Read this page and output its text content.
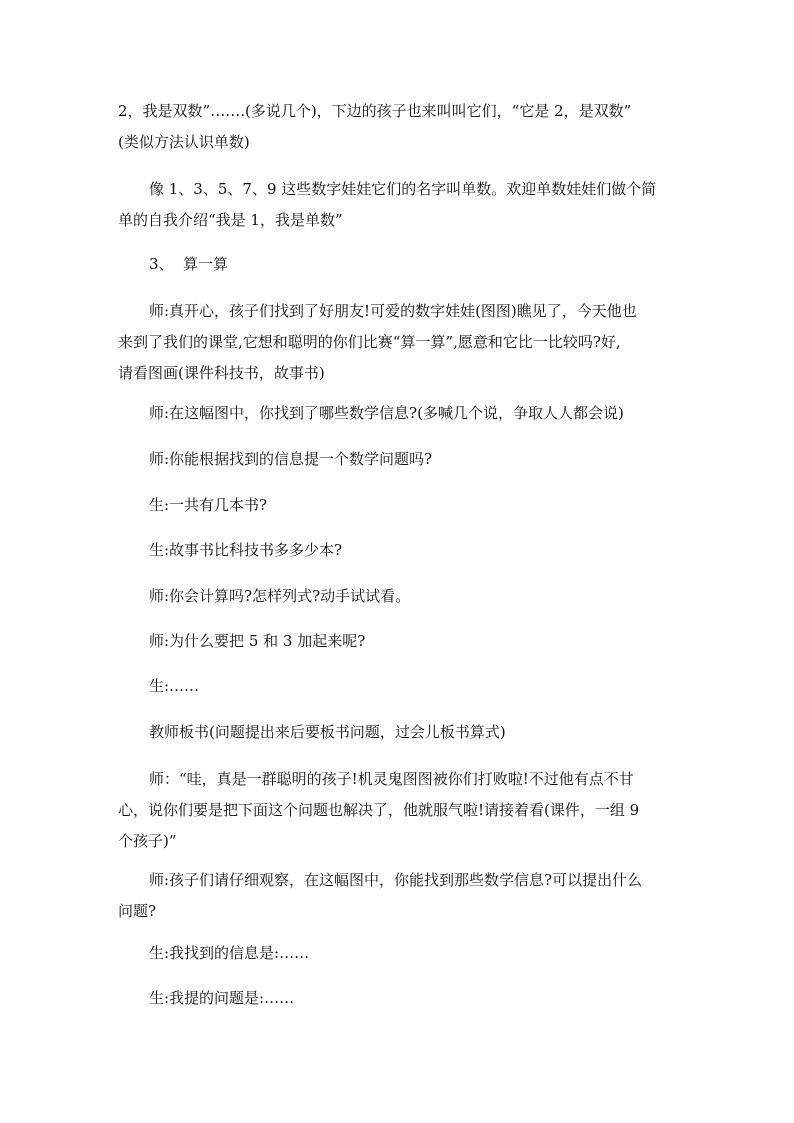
2，我是双数”…….(多说几个)，下边的孩子也来叫叫它们，“它是 2，是双数”
(类似方法认识单数)
像 1、3、5、7、9 这些数字娃娃它们的名字叫单数。欢迎单数娃娃们做个简
单的自我介绍“我是 1，我是单数”
3、  算一算
师:真开心，孩子们找到了好朋友!可爱的数字娃娃(图图)瞧见了，今天他也
来到了我们的课堂,它想和聪明的你们比赛“算一算”,愿意和它比一比较吗?好,
请看图画(课件科技书，故事书)
师:在这幅图中，你找到了哪些数学信息?(多喊几个说，争取人人都会说)
师:你能根据找到的信息提一个数学问题吗?
生:一共有几本书?
生:故事书比科技书多多少本?
师:你会计算吗?怎样列式?动手试试看。
师:为什么要把 5 和 3 加起来呢?
生:……
教师板书(问题提出来后要板书问题，过会儿板书算式)
师：“哇，真是一群聪明的孩子!机灵鬼图图被你们打败啦!不过他有点不甘
心，说你们要是把下面这个问题也解决了，他就服气啦!请接着看(课件，一组 9
个孩子)”
师:孩子们请仔细观察，在这幅图中，你能找到那些数学信息?可以提出什么
问题?
生:我找到的信息是:……
生:我提的问题是:……
